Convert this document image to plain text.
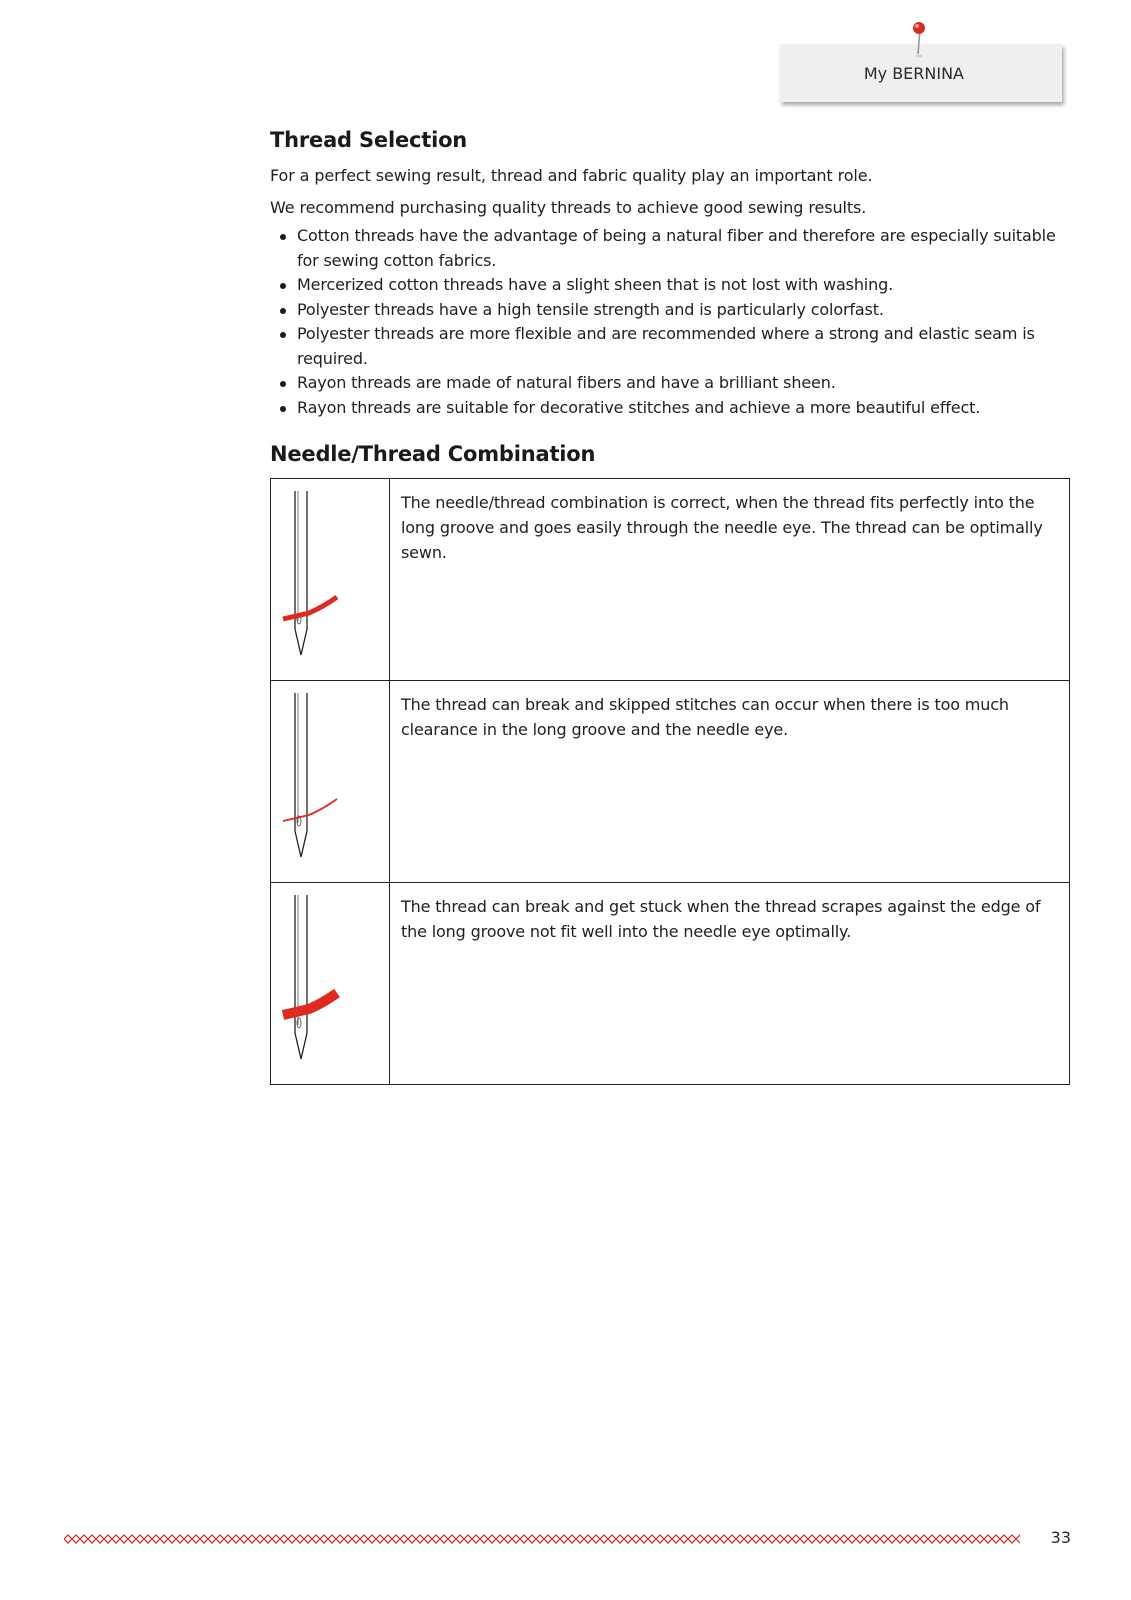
My BERNINA
Thread Selection

For a perfect sewing result, thread and fabric quality play an important role.

We recommend purchasing quality threads to achieve good sewing results.

Cotton threads have the advantage of being a natural fiber and therefore are especially suitable for sewing cotton fabrics.
Mercerized cotton threads have a slight sheen that is not lost with washing.
Polyester threads have a high tensile strength and is particularly colorfast.
Polyester threads are more flexible and are recommended where a strong and elastic seam is required.
Rayon threads are made of natural fibers and have a brilliant sheen.
Rayon threads are suitable for decorative stitches and achieve a more beautiful effect.
Needle/Thread Combination
	The needle/thread combination is correct, when the thread fits perfectly into the long groove and goes easily through the needle eye. The thread can be optimally sewn.
	The thread can break and skipped stitches can occur when there is too much clearance in the long groove and the needle eye.
	The thread can break and get stuck when the thread scrapes against the edge of the long groove not fit well into the needle eye optimally.
33
